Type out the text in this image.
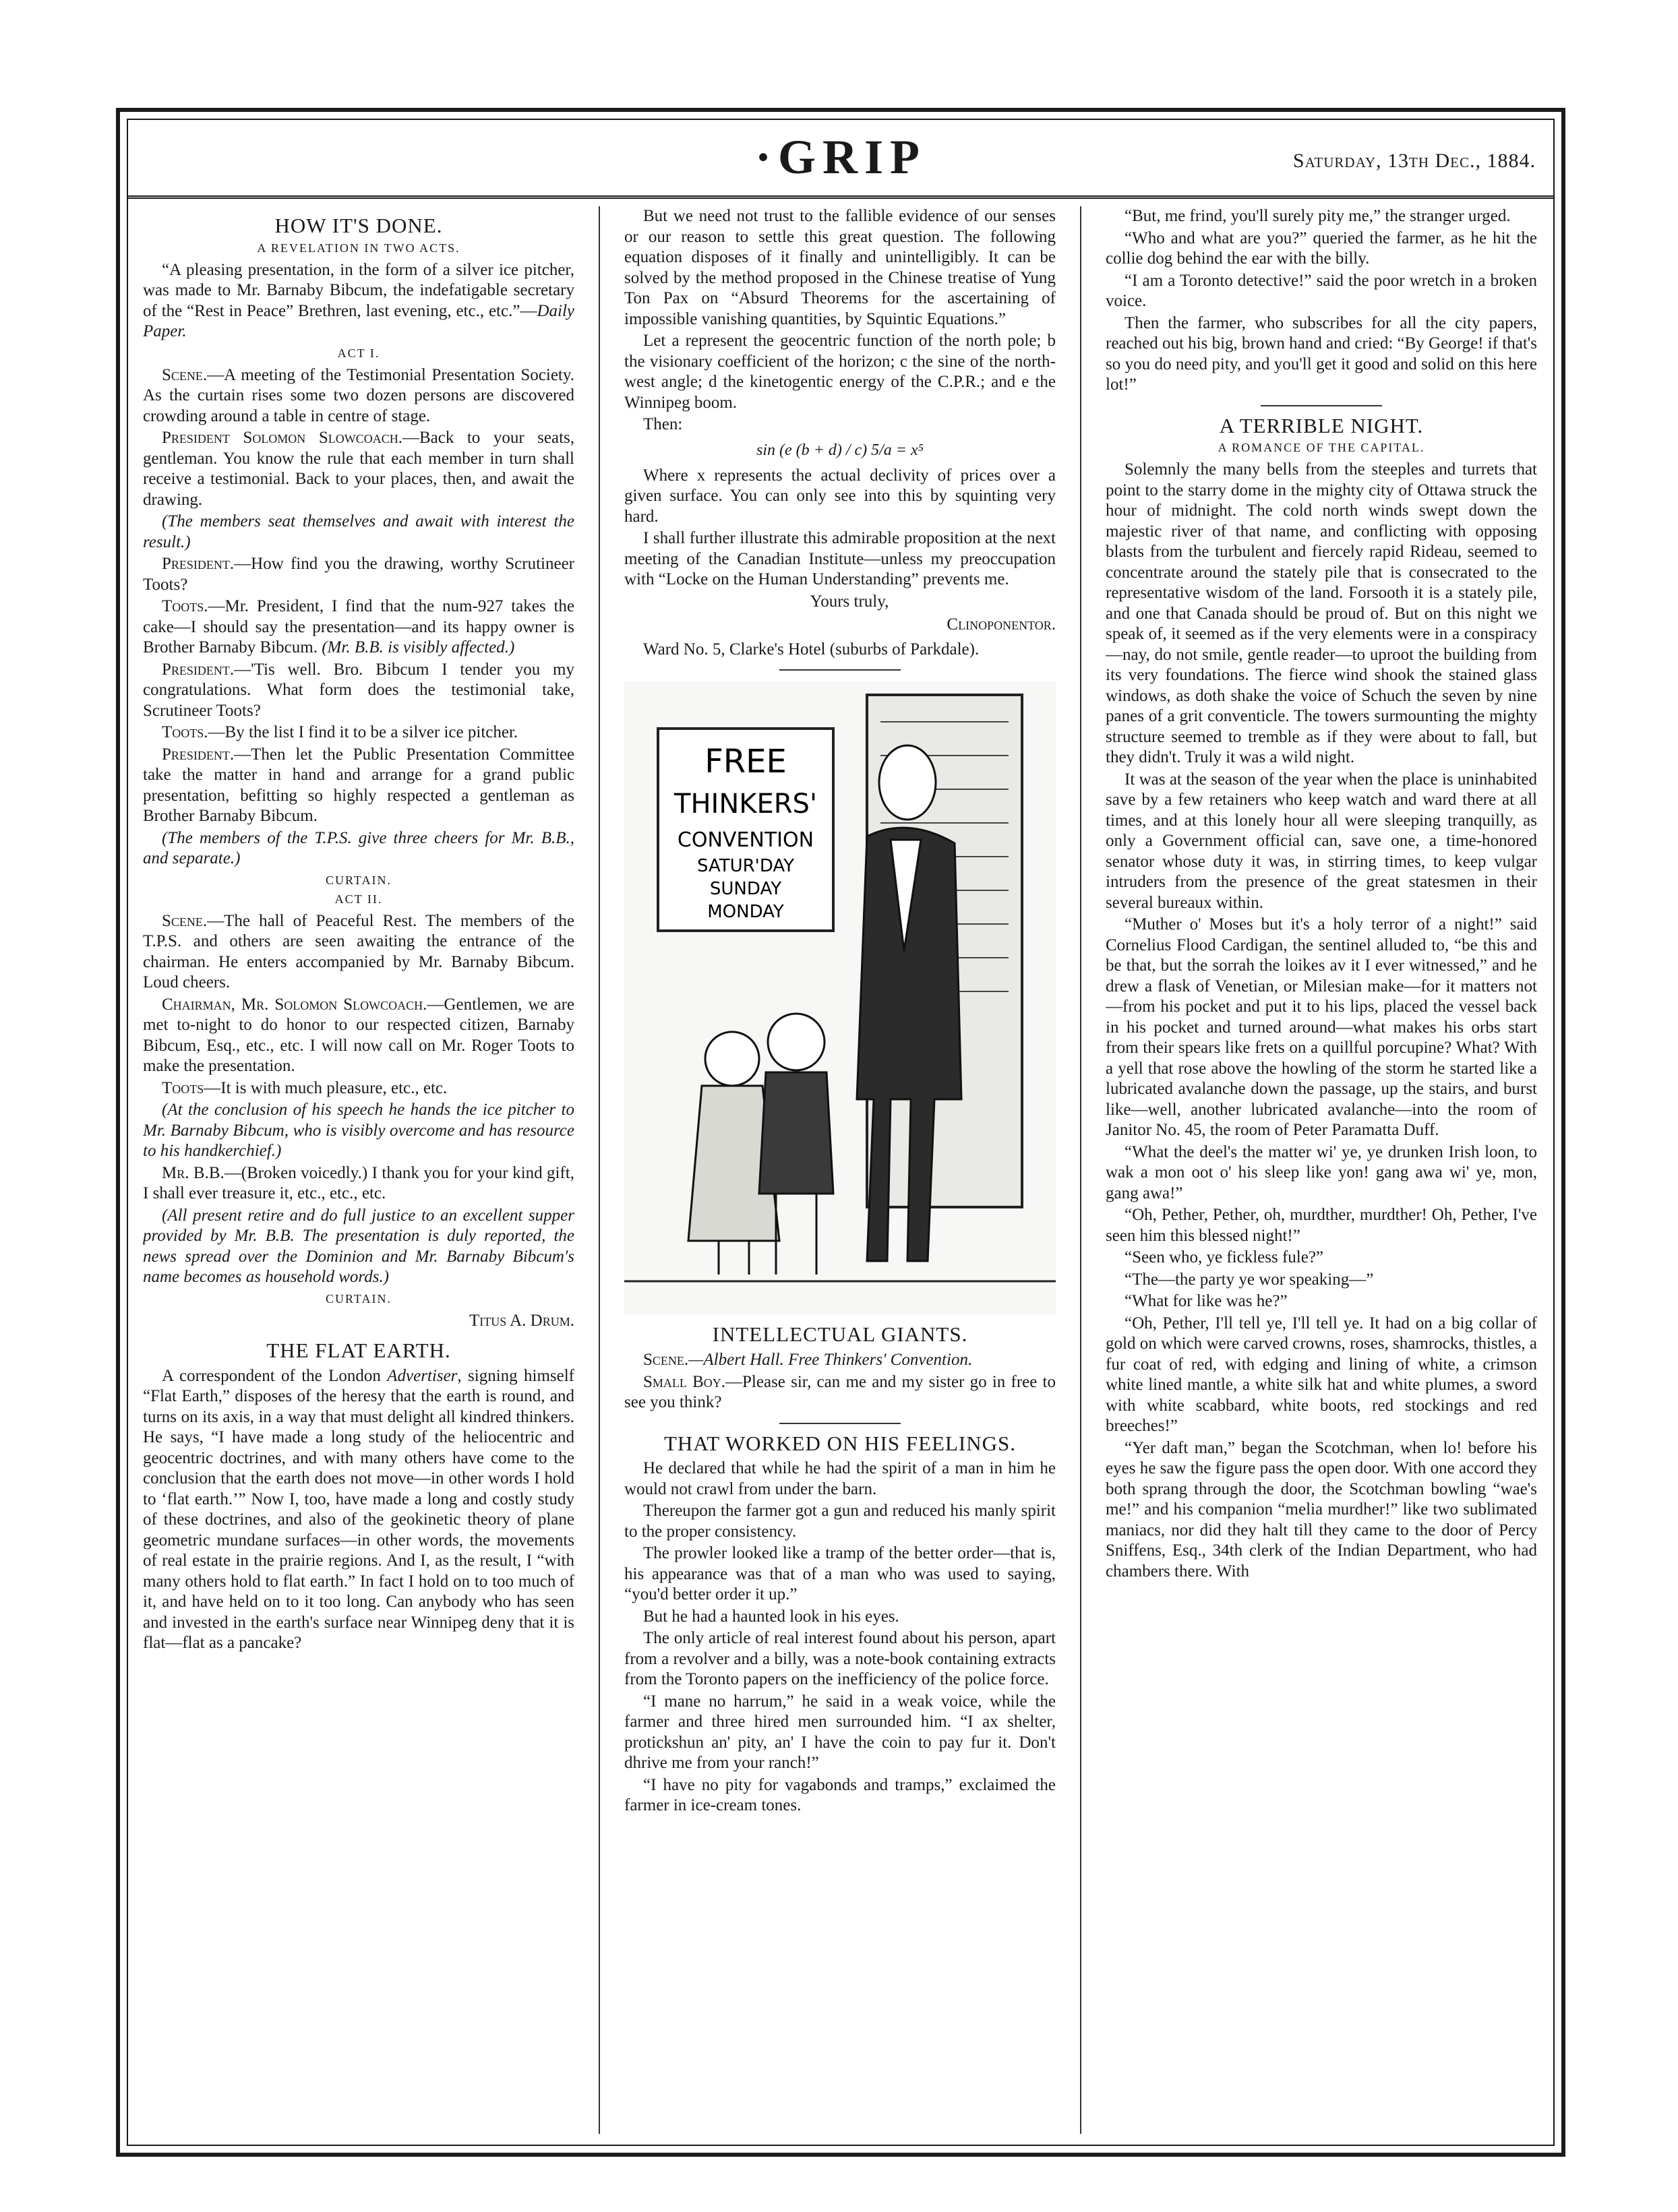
·GRIP	Saturday, 13th Dec., 1884.
HOW IT'S DONE.
A REVELATION IN TWO ACTS.

“A pleasing presentation, in the form of a silver ice pitcher, was made to Mr. Barnaby Bibcum, the indefatigable secretary of the “Rest in Peace” Brethren, last evening, etc., etc.”—Daily Paper.

ACT I.

Scene.—A meeting of the Testimonial Presentation Society. As the curtain rises some two dozen persons are discovered crowding around a table in centre of stage.

President Solomon Slowcoach.—Back to your seats, gentleman. You know the rule that each member in turn shall receive a testimonial. Back to your places, then, and await the drawing.

(The members seat themselves and await with interest the result.)

President.—How find you the drawing, worthy Scrutineer Toots?

Toots.—Mr. President, I find that the num-927 takes the cake—I should say the presentation—and its happy owner is Brother Barnaby Bibcum. (Mr. B.B. is visibly affected.)

President.—'Tis well. Bro. Bibcum I tender you my congratulations. What form does the testimonial take, Scrutineer Toots?

Toots.—By the list I find it to be a silver ice pitcher.

President.—Then let the Public Presentation Committee take the matter in hand and arrange for a grand public presentation, befitting so highly respected a gentleman as Brother Barnaby Bibcum.

(The members of the T.P.S. give three cheers for Mr. B.B., and separate.)

CURTAIN.
ACT II.

Scene.—The hall of Peaceful Rest. The members of the T.P.S. and others are seen awaiting the entrance of the chairman. He enters accompanied by Mr. Barnaby Bibcum. Loud cheers.

Chairman, Mr. Solomon Slowcoach.—Gentlemen, we are met to-night to do honor to our respected citizen, Barnaby Bibcum, Esq., etc., etc. I will now call on Mr. Roger Toots to make the presentation.

Toots—It is with much pleasure, etc., etc.

(At the conclusion of his speech he hands the ice pitcher to Mr. Barnaby Bibcum, who is visibly overcome and has resource to his handkerchief.)

Mr. B.B.—(Broken voicedly.) I thank you for your kind gift, I shall ever treasure it, etc., etc., etc.

(All present retire and do full justice to an excellent supper provided by Mr. B.B. The presentation is duly reported, the news spread over the Dominion and Mr. Barnaby Bibcum's name becomes as household words.)

CURTAIN.

Titus A. Drum.

THE FLAT EARTH.

A correspondent of the London Advertiser, signing himself “Flat Earth,” disposes of the heresy that the earth is round, and turns on its axis, in a way that must delight all kindred thinkers. He says, “I have made a long study of the heliocentric and geocentric doctrines, and with many others have come to the conclusion that the earth does not move—in other words I hold to ‘flat earth.’” Now I, too, have made a long and costly study of these doctrines, and also of the geokinetic theory of plane geometric mundane surfaces—in other words, the movements of real estate in the prairie regions. And I, as the result, I “with many others hold to flat earth.” In fact I hold on to too much of it, and have held on to it too long. Can anybody who has seen and invested in the earth's surface near Winnipeg deny that it is flat—flat as a pancake?

But we need not trust to the fallible evidence of our senses or our reason to settle this great question. The following equation disposes of it finally and unintelligibly. It can be solved by the method proposed in the Chinese treatise of Yung Ton Pax on “Absurd Theorems for the ascertaining of impossible vanishing quantities, by Squintic Equations.”

Let a represent the geocentric function of the north pole; b the visionary coefficient of the horizon; c the sine of the north-west angle; d the kinetogentic energy of the C.P.R.; and e the Winnipeg boom.

Then:

sin (e (b + d) / c) 5/a = x⁵

Where x represents the actual declivity of prices over a given surface. You can only see into this by squinting very hard.

I shall further illustrate this admirable proposition at the next meeting of the Canadian Institute—unless my preoccupation with “Locke on the Human Understanding” prevents me.

Yours truly,

Clinoponentor.

Ward No. 5, Clarke's Hotel (suburbs of Parkdale).

FREE
THINKERS'
CONVENTION
SATUR'DAY
SUNDAY
MONDAY
INTELLECTUAL GIANTS.

Scene.—Albert Hall. Free Thinkers' Convention.

Small Boy.—Please sir, can me and my sister go in free to see you think?

THAT WORKED ON HIS FEELINGS.

He declared that while he had the spirit of a man in him he would not crawl from under the barn.

Thereupon the farmer got a gun and reduced his manly spirit to the proper consistency.

The prowler looked like a tramp of the better order—that is, his appearance was that of a man who was used to saying, “you'd better order it up.”

But he had a haunted look in his eyes.

The only article of real interest found about his person, apart from a revolver and a billy, was a note-book containing extracts from the Toronto papers on the inefficiency of the police force.

“I mane no harrum,” he said in a weak voice, while the farmer and three hired men surrounded him. “I ax shelter, protickshun an' pity, an' I have the coin to pay fur it. Don't dhrive me from your ranch!”

“I have no pity for vagabonds and tramps,” exclaimed the farmer in ice-cream tones.

“But, me frind, you'll surely pity me,” the stranger urged.

“Who and what are you?” queried the farmer, as he hit the collie dog behind the ear with the billy.

“I am a Toronto detective!” said the poor wretch in a broken voice.

Then the farmer, who subscribes for all the city papers, reached out his big, brown hand and cried: “By George! if that's so you do need pity, and you'll get it good and solid on this here lot!”

A TERRIBLE NIGHT.
A ROMANCE OF THE CAPITAL.

Solemnly the many bells from the steeples and turrets that point to the starry dome in the mighty city of Ottawa struck the hour of midnight. The cold north winds swept down the majestic river of that name, and conflicting with opposing blasts from the turbulent and fiercely rapid Rideau, seemed to concentrate around the stately pile that is consecrated to the representative wisdom of the land. Forsooth it is a stately pile, and one that Canada should be proud of. But on this night we speak of, it seemed as if the very elements were in a conspiracy—nay, do not smile, gentle reader—to uproot the building from its very foundations. The fierce wind shook the stained glass windows, as doth shake the voice of Schuch the seven by nine panes of a grit conventicle. The towers surmounting the mighty structure seemed to tremble as if they were about to fall, but they didn't. Truly it was a wild night.

It was at the season of the year when the place is uninhabited save by a few retainers who keep watch and ward there at all times, and at this lonely hour all were sleeping tranquilly, as only a Government official can, save one, a time-honored senator whose duty it was, in stirring times, to keep vulgar intruders from the presence of the great statesmen in their several bureaux within.

“Muther o' Moses but it's a holy terror of a night!” said Cornelius Flood Cardigan, the sentinel alluded to, “be this and be that, but the sorrah the loikes av it I ever witnessed,” and he drew a flask of Venetian, or Milesian make—for it matters not—from his pocket and put it to his lips, placed the vessel back in his pocket and turned around—what makes his orbs start from their spears like frets on a quillful porcupine? What? With a yell that rose above the howling of the storm he started like a lubricated avalanche down the passage, up the stairs, and burst like—well, another lubricated avalanche—into the room of Janitor No. 45, the room of Peter Paramatta Duff.

“What the deel's the matter wi' ye, ye drunken Irish loon, to wak a mon oot o' his sleep like yon! gang awa wi' ye, mon, gang awa!”

“Oh, Pether, Pether, oh, murdther, murdther! Oh, Pether, I've seen him this blessed night!”

“Seen who, ye fickless fule?”

“The—the party ye wor speaking—”

“What for like was he?”

“Oh, Pether, I'll tell ye, I'll tell ye. It had on a big collar of gold on which were carved crowns, roses, shamrocks, thistles, a fur coat of red, with edging and lining of white, a crimson white lined mantle, a white silk hat and white plumes, a sword with white scabbard, white boots, red stockings and red breeches!”

“Yer daft man,” began the Scotchman, when lo! before his eyes he saw the figure pass the open door. With one accord they both sprang through the door, the Scotchman bowling “wae's me!” and his companion “melia murdher!” like two sublimated maniacs, nor did they halt till they came to the door of Percy Sniffens, Esq., 34th clerk of the Indian Department, who had chambers there. With
